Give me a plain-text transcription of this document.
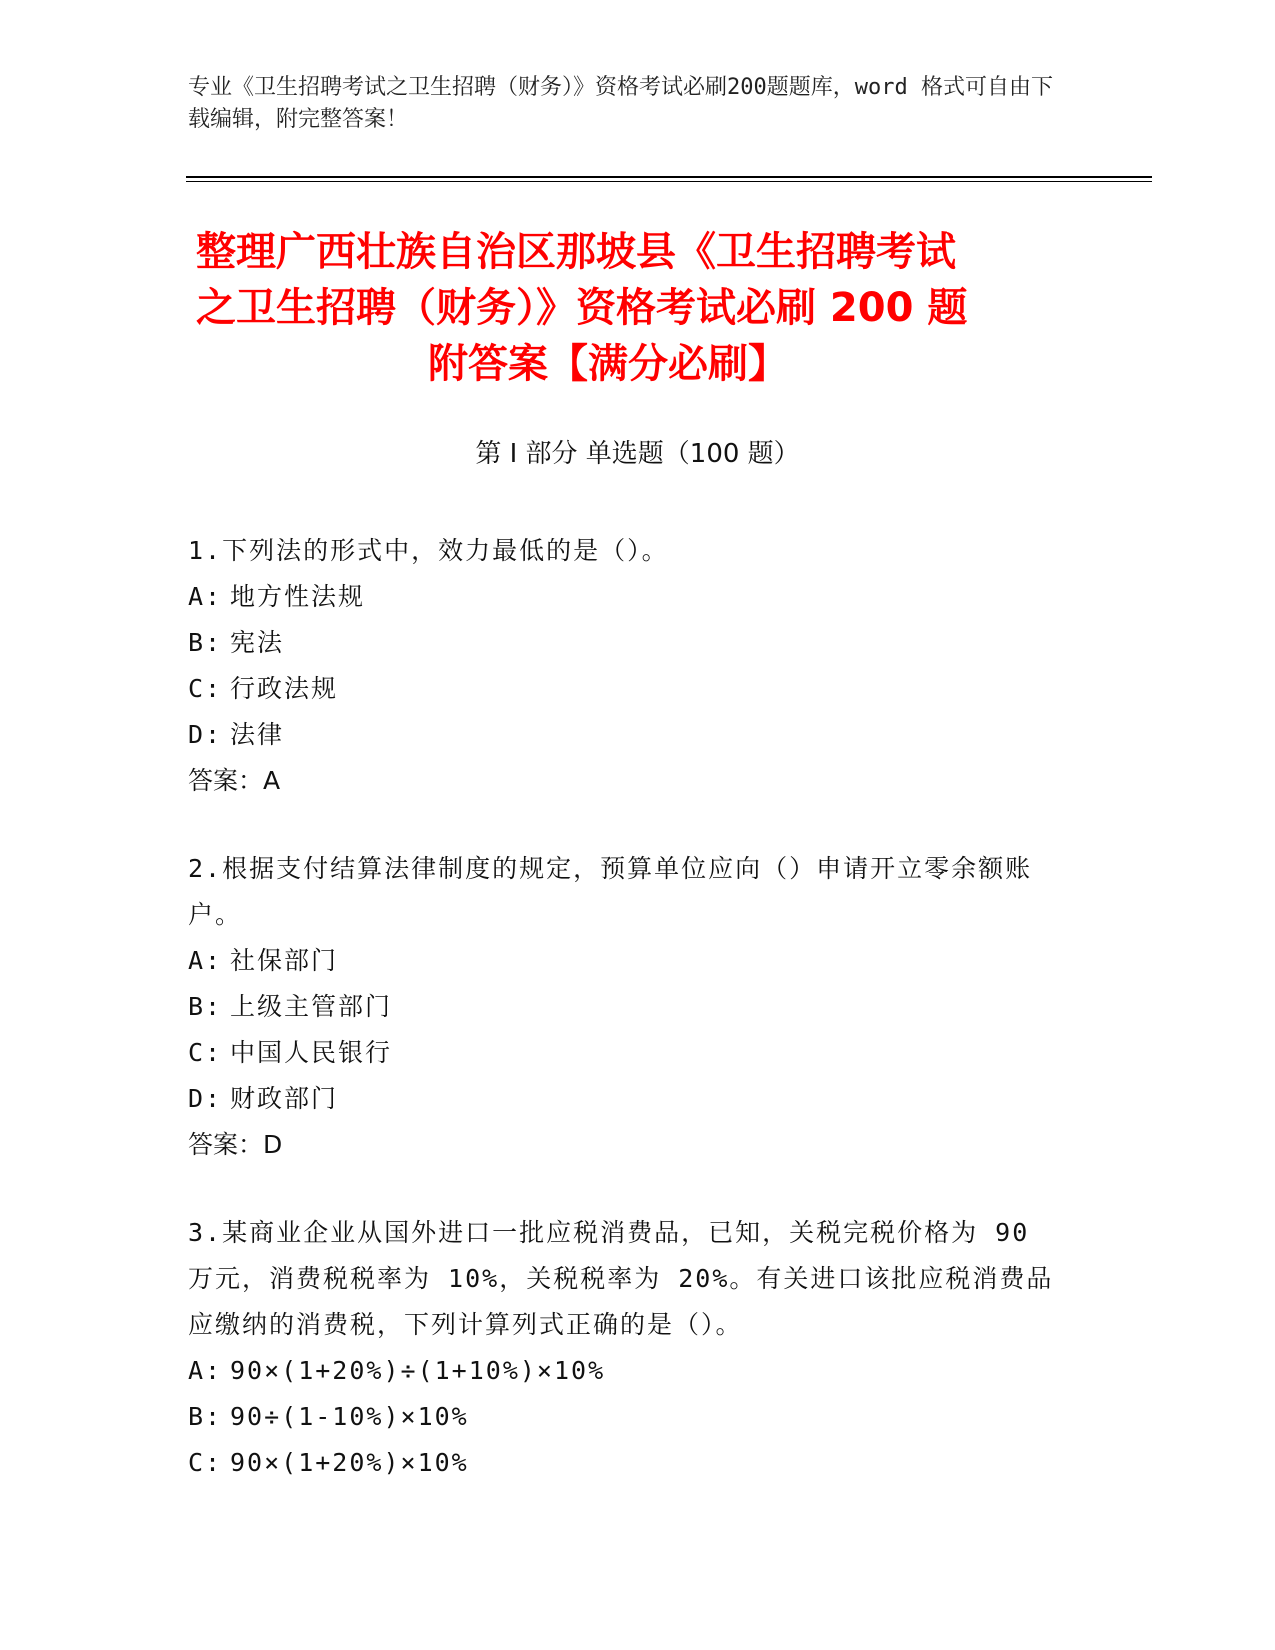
专业《卫生招聘考试之卫生招聘（财务）》资格考试必刷200题题库，word 格式可自由下载编辑，附完整答案！
整理广西壮族自治区那坡县《卫生招聘考试
之卫生招聘（财务）》资格考试必刷 200 题
附答案【满分必刷】
第 I 部分 单选题（100 题）
1.下列法的形式中，效力最低的是（）。
A: 地方性法规
B: 宪法
C: 行政法规
D: 法律
答案：A
2.根据支付结算法律制度的规定，预算单位应向（）申请开立零余额账户。
A: 社保部门
B: 上级主管部门
C: 中国人民银行
D: 财政部门
答案：D
3.某商业企业从国外进口一批应税消费品，已知，关税完税价格为 90 万元，消费税税率为 10%，关税税率为 20%。有关进口该批应税消费品应缴纳的消费税，下列计算列式正确的是（）。
A: 90×(1+20%)÷(1+10%)×10%
B: 90÷(1-10%)×10%
C: 90×(1+20%)×10%
